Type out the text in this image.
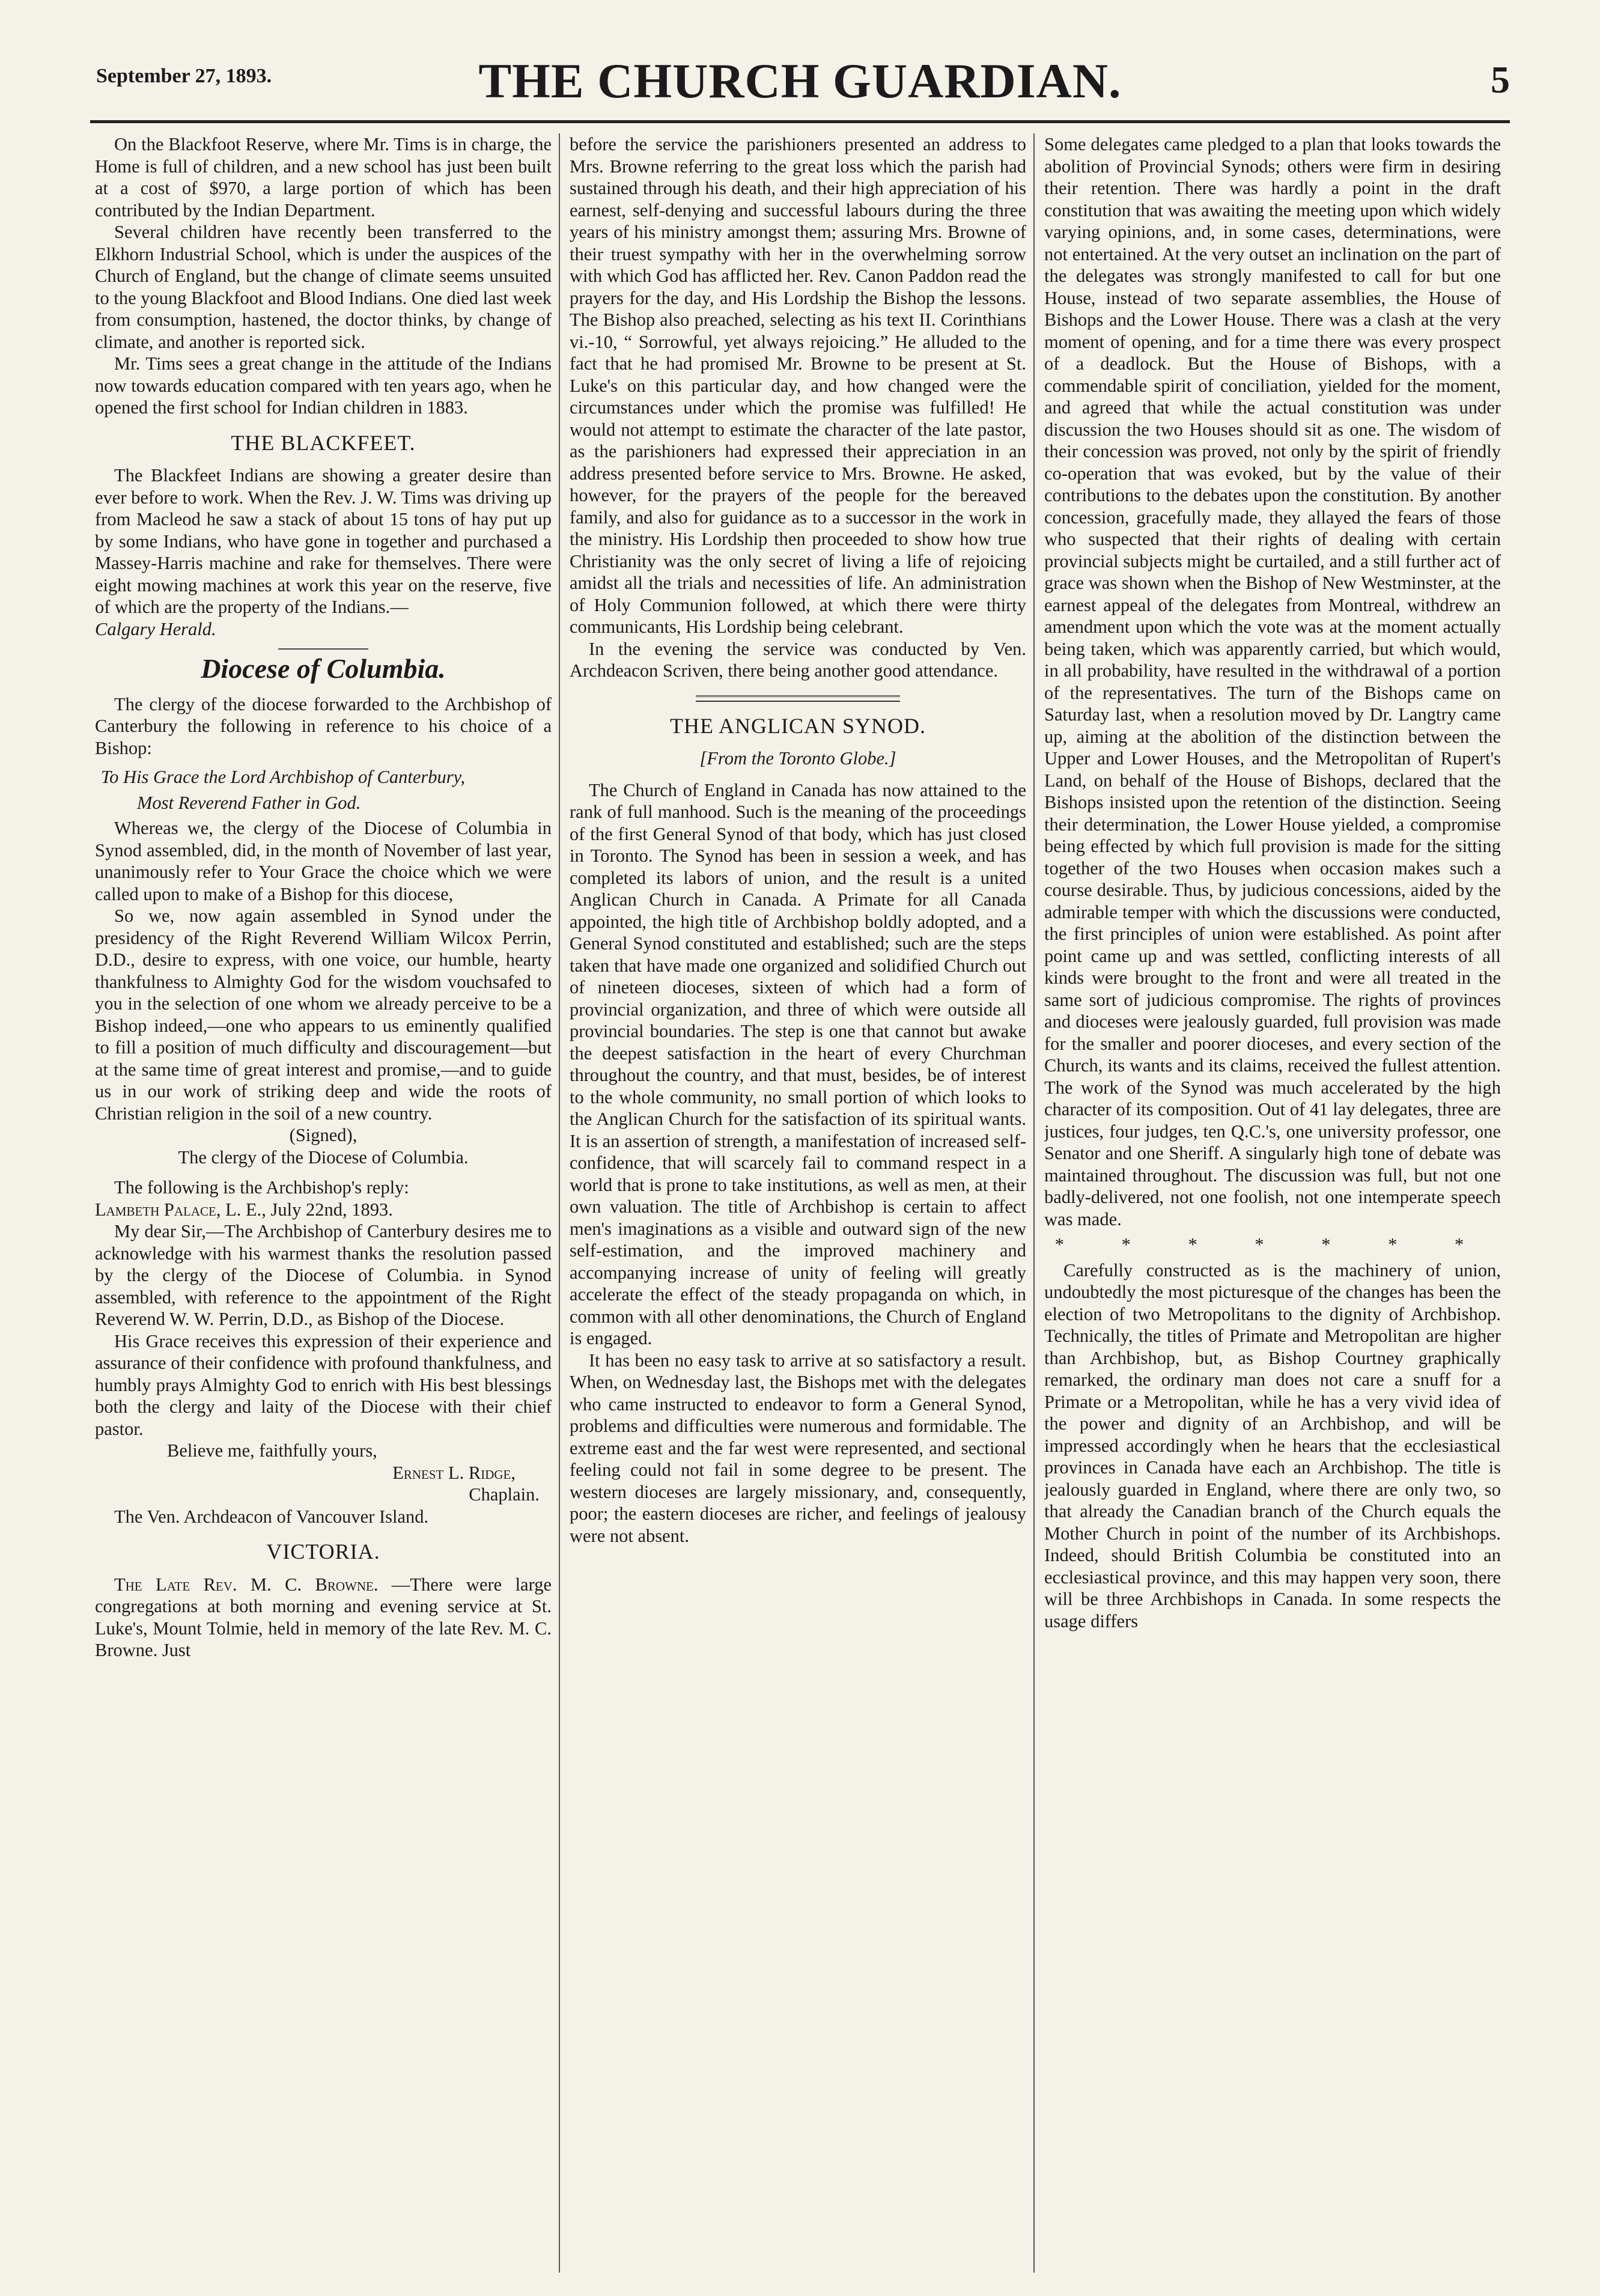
September 27, 1893.	THE CHURCH GUARDIAN.	5

On the Blackfoot Reserve, where Mr. Tims is in charge, the Home is full of children, and a new school has just been built at a cost of $970, a large portion of which has been contributed by the Indian Department.

Several children have recently been transferred to the Elkhorn Industrial School, which is under the auspices of the Church of England, but the change of climate seems unsuited to the young Blackfoot and Blood Indians. One died last week from consumption, hastened, the doctor thinks, by change of climate, and another is reported sick.

Mr. Tims sees a great change in the attitude of the Indians now towards education compared with ten years ago, when he opened the first school for Indian children in 1883.

THE BLACKFEET.

The Blackfeet Indians are showing a greater desire than ever before to work. When the Rev. J. W. Tims was driving up from Macleod he saw a stack of about 15 tons of hay put up by some Indians, who have gone in together and purchased a Massey-Harris machine and rake for themselves. There were eight mowing machines at work this year on the reserve, five of which are the property of the Indians.—

Calgary Herald.
Diocese of Columbia.

The clergy of the diocese forwarded to the Archbishop of Canterbury the following in reference to his choice of a Bishop:

To His Grace the Lord Archbishop of Canterbury,
Most Reverend Father in God.

Whereas we, the clergy of the Diocese of Columbia in Synod assembled, did, in the month of November of last year, unanimously refer to Your Grace the choice which we were called upon to make of a Bishop for this diocese,

So we, now again assembled in Synod under the presidency of the Right Reverend William Wilcox Perrin, D.D., desire to express, with one voice, our humble, hearty thankfulness to Almighty God for the wisdom vouchsafed to you in the selection of one whom we already perceive to be a Bishop indeed,—one who appears to us eminently qualified to fill a position of much difficulty and discouragement—but at the same time of great interest and promise,—and to guide us in our work of striking deep and wide the roots of Christian religion in the soil of a new country.

(Signed),
The clergy of the Diocese of Columbia.

The following is the Archbishop's reply:

Lambeth Palace, L. E., July 22nd, 1893.

My dear Sir,—The Archbishop of Canterbury desires me to acknowledge with his warmest thanks the resolution passed by the clergy of the Diocese of Columbia. in Synod assembled, with reference to the appointment of the Right Reverend W. W. Perrin, D.D., as Bishop of the Diocese.

His Grace receives this expression of their experience and assurance of their confidence with profound thankfulness, and humbly prays Almighty God to enrich with His best blessings both the clergy and laity of the Diocese with their chief pastor.

Believe me, faithfully yours,
Ernest L. Ridge,
Chaplain.

The Ven. Archdeacon of Vancouver Island.

VICTORIA.

The Late Rev. M. C. Browne. —There were large congregations at both morning and evening service at St. Luke's, Mount Tolmie, held in memory of the late Rev. M. C. Browne. Just

before the service the parishioners presented an address to Mrs. Browne referring to the great loss which the parish had sustained through his death, and their high appreciation of his earnest, self-denying and successful labours during the three years of his ministry amongst them; assuring Mrs. Browne of their truest sympathy with her in the overwhelming sorrow with which God has afflicted her. Rev. Canon Paddon read the prayers for the day, and His Lordship the Bishop the lessons. The Bishop also preached, selecting as his text II. Corinthians vi.-10, “ Sorrowful, yet always rejoicing.” He alluded to the fact that he had promised Mr. Browne to be present at St. Luke's on this particular day, and how changed were the circumstances under which the promise was fulfilled! He would not attempt to estimate the character of the late pastor, as the parishioners had expressed their appreciation in an address presented before service to Mrs. Browne. He asked, however, for the prayers of the people for the bereaved family, and also for guidance as to a successor in the work in the ministry. His Lordship then proceeded to show how true Christianity was the only secret of living a life of rejoicing amidst all the trials and necessities of life. An administration of Holy Communion followed, at which there were thirty communicants, His Lordship being celebrant.

In the evening the service was conducted by Ven. Archdeacon Scriven, there being another good attendance.

THE ANGLICAN SYNOD.
[From the Toronto Globe.]

The Church of England in Canada has now attained to the rank of full manhood. Such is the meaning of the proceedings of the first General Synod of that body, which has just closed in Toronto. The Synod has been in session a week, and has completed its labors of union, and the result is a united Anglican Church in Canada. A Primate for all Canada appointed, the high title of Archbishop boldly adopted, and a General Synod constituted and established; such are the steps taken that have made one organized and solidified Church out of nineteen dioceses, sixteen of which had a form of provincial organization, and three of which were outside all provincial boundaries. The step is one that cannot but awake the deepest satisfaction in the heart of every Churchman throughout the country, and that must, besides, be of interest to the whole community, no small portion of which looks to the Anglican Church for the satisfaction of its spiritual wants. It is an assertion of strength, a manifestation of increased self-confidence, that will scarcely fail to command respect in a world that is prone to take institutions, as well as men, at their own valuation. The title of Archbishop is certain to affect men's imaginations as a visible and outward sign of the new self-estimation, and the improved machinery and accompanying increase of unity of feeling will greatly accelerate the effect of the steady propaganda on which, in common with all other denominations, the Church of England is engaged.

It has been no easy task to arrive at so satisfactory a result. When, on Wednesday last, the Bishops met with the delegates who came instructed to endeavor to form a General Synod, problems and difficulties were numerous and formidable. The extreme east and the far west were represented, and sectional feeling could not fail in some degree to be present. The western dioceses are largely missionary, and, consequently, poor; the eastern dioceses are richer, and feelings of jealousy were not absent.

Some delegates came pledged to a plan that looks towards the abolition of Provincial Synods; others were firm in desiring their retention. There was hardly a point in the draft constitution that was awaiting the meeting upon which widely varying opinions, and, in some cases, determinations, were not entertained. At the very outset an inclination on the part of the delegates was strongly manifested to call for but one House, instead of two separate assemblies, the House of Bishops and the Lower House. There was a clash at the very moment of opening, and for a time there was every prospect of a deadlock. But the House of Bishops, with a commendable spirit of conciliation, yielded for the moment, and agreed that while the actual constitution was under discussion the two Houses should sit as one. The wisdom of their concession was proved, not only by the spirit of friendly co-operation that was evoked, but by the value of their contributions to the debates upon the constitution. By another concession, gracefully made, they allayed the fears of those who suspected that their rights of dealing with certain provincial subjects might be curtailed, and a still further act of grace was shown when the Bishop of New Westminster, at the earnest appeal of the delegates from Montreal, withdrew an amendment upon which the vote was at the moment actually being taken, which was apparently carried, but which would, in all probability, have resulted in the withdrawal of a portion of the representatives. The turn of the Bishops came on Saturday last, when a resolution moved by Dr. Langtry came up, aiming at the abolition of the distinction between the Upper and Lower Houses, and the Metropolitan of Rupert's Land, on behalf of the House of Bishops, declared that the Bishops insisted upon the retention of the distinction. Seeing their determination, the Lower House yielded, a compromise being effected by which full provision is made for the sitting together of the two Houses when occasion makes such a course desirable. Thus, by judicious concessions, aided by the admirable temper with which the discussions were conducted, the first principles of union were established. As point after point came up and was settled, conflicting interests of all kinds were brought to the front and were all treated in the same sort of judicious compromise. The rights of provinces and dioceses were jealously guarded, full provision was made for the smaller and poorer dioceses, and every section of the Church, its wants and its claims, received the fullest attention. The work of the Synod was much accelerated by the high character of its composition. Out of 41 lay delegates, three are justices, four judges, ten Q.C.'s, one university professor, one Senator and one Sheriff. A singularly high tone of debate was maintained throughout. The discussion was full, but not one badly-delivered, not one foolish, not one intemperate speech was made.

* * * * * * *

Carefully constructed as is the machinery of union, undoubtedly the most picturesque of the changes has been the election of two Metropolitans to the dignity of Archbishop. Technically, the titles of Primate and Metropolitan are higher than Archbishop, but, as Bishop Courtney graphically remarked, the ordinary man does not care a snuff for a Primate or a Metropolitan, while he has a very vivid idea of the power and dignity of an Archbishop, and will be impressed accordingly when he hears that the ecclesiastical provinces in Canada have each an Archbishop. The title is jealously guarded in England, where there are only two, so that already the Canadian branch of the Church equals the Mother Church in point of the number of its Archbishops. Indeed, should British Columbia be constituted into an ecclesiastical province, and this may happen very soon, there will be three Archbishops in Canada. In some respects the usage differs
